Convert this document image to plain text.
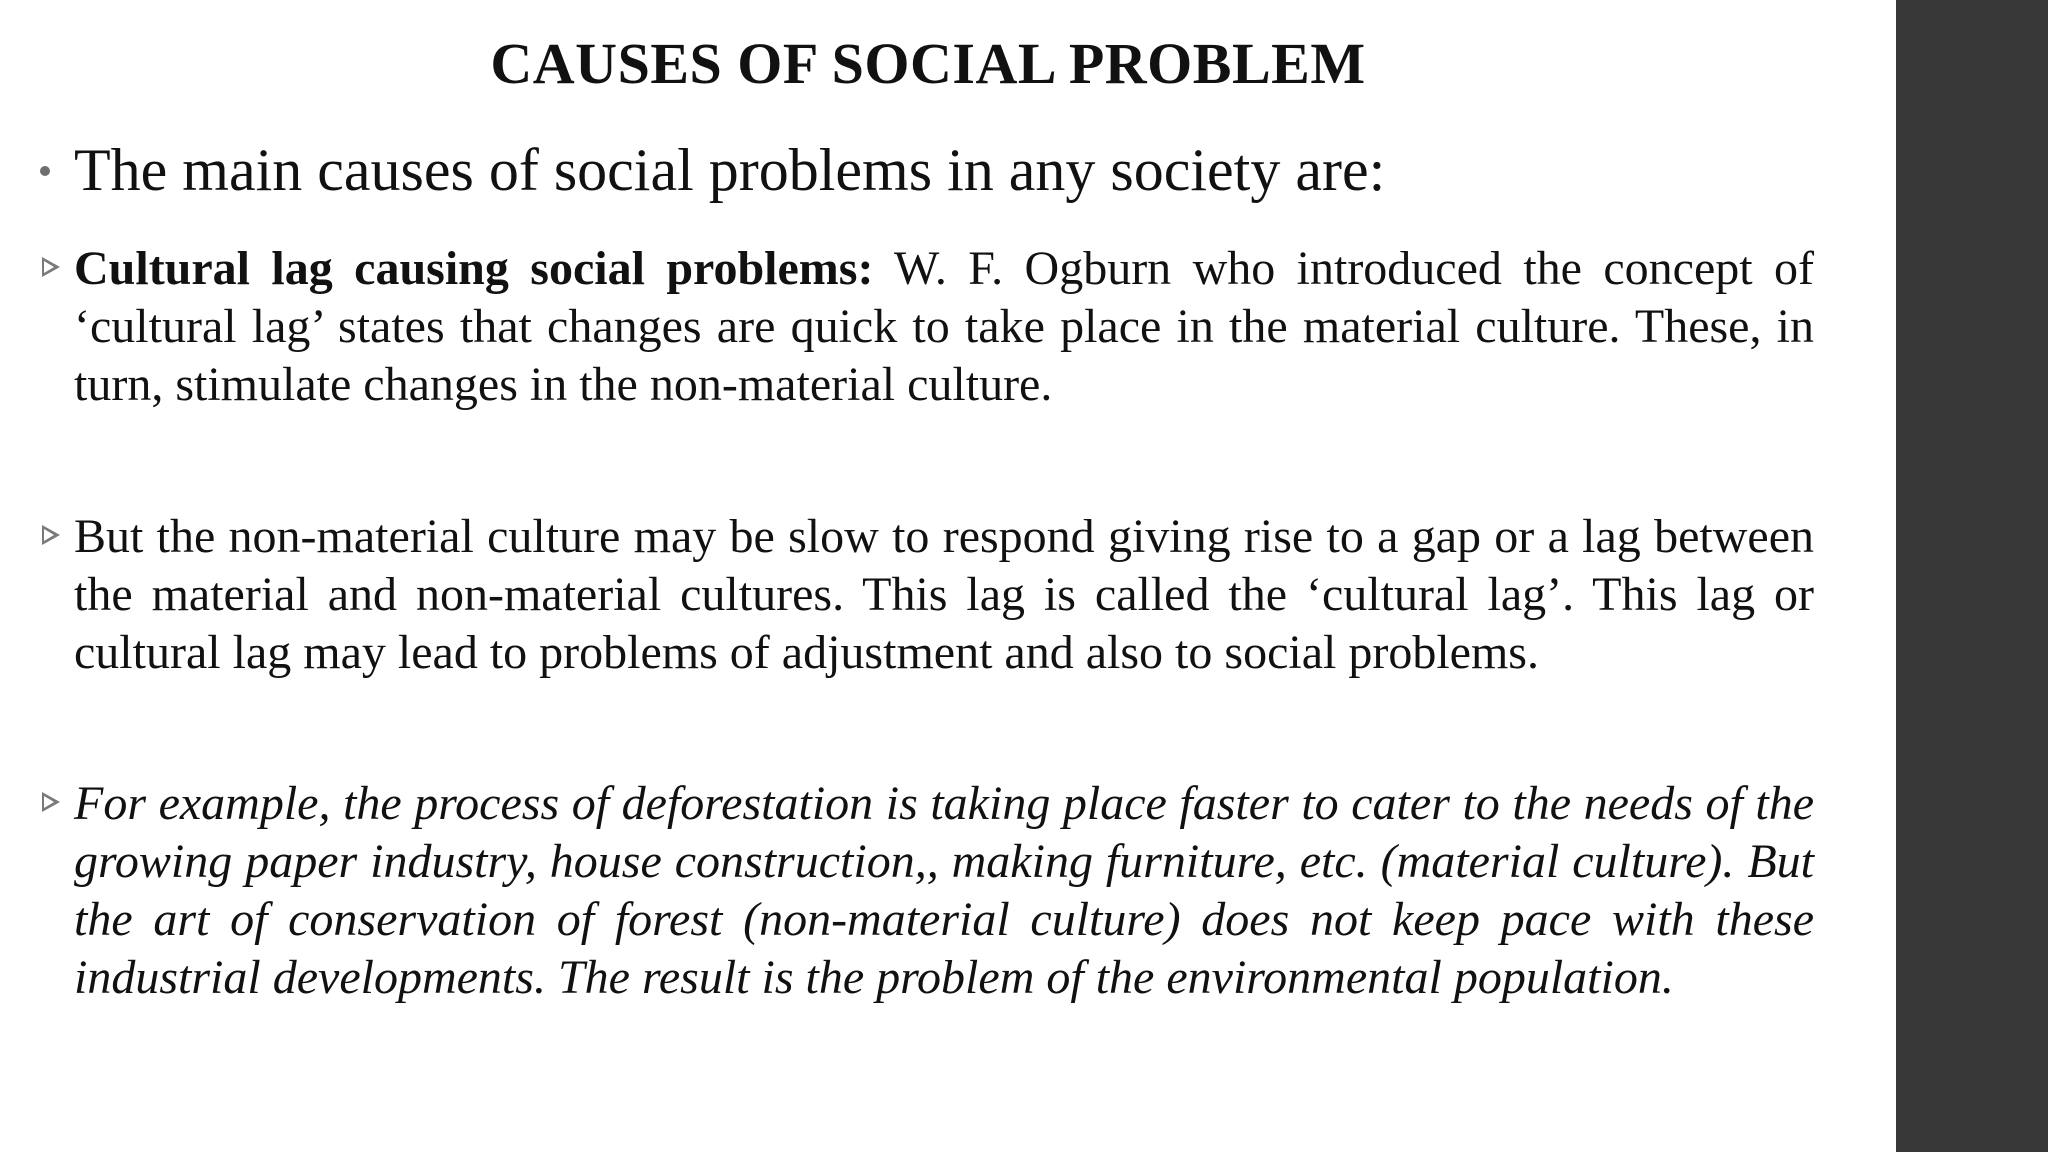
CAUSES OF SOCIAL PROBLEM
The main causes of social problems in any society are:
Cultural lag causing social problems: W. F. Ogburn who introduced the concept of ‘cultural lag’ states that changes are quick to take place in the material culture. These, in turn, stimulate changes in the non-material culture.
But the non-material culture may be slow to respond giving rise to a gap or a lag between the material and non-material cultures. This lag is called the ‘cultural lag’. This lag or cultural lag may lead to problems of adjustment and also to social problems.
For example, the process of deforestation is taking place faster to cater to the needs of the growing paper industry, house construction,, making furniture, etc. (material culture). But the art of conservation of forest (non-material culture) does not keep pace with these industrial developments. The result is the problem of the environmental population.
